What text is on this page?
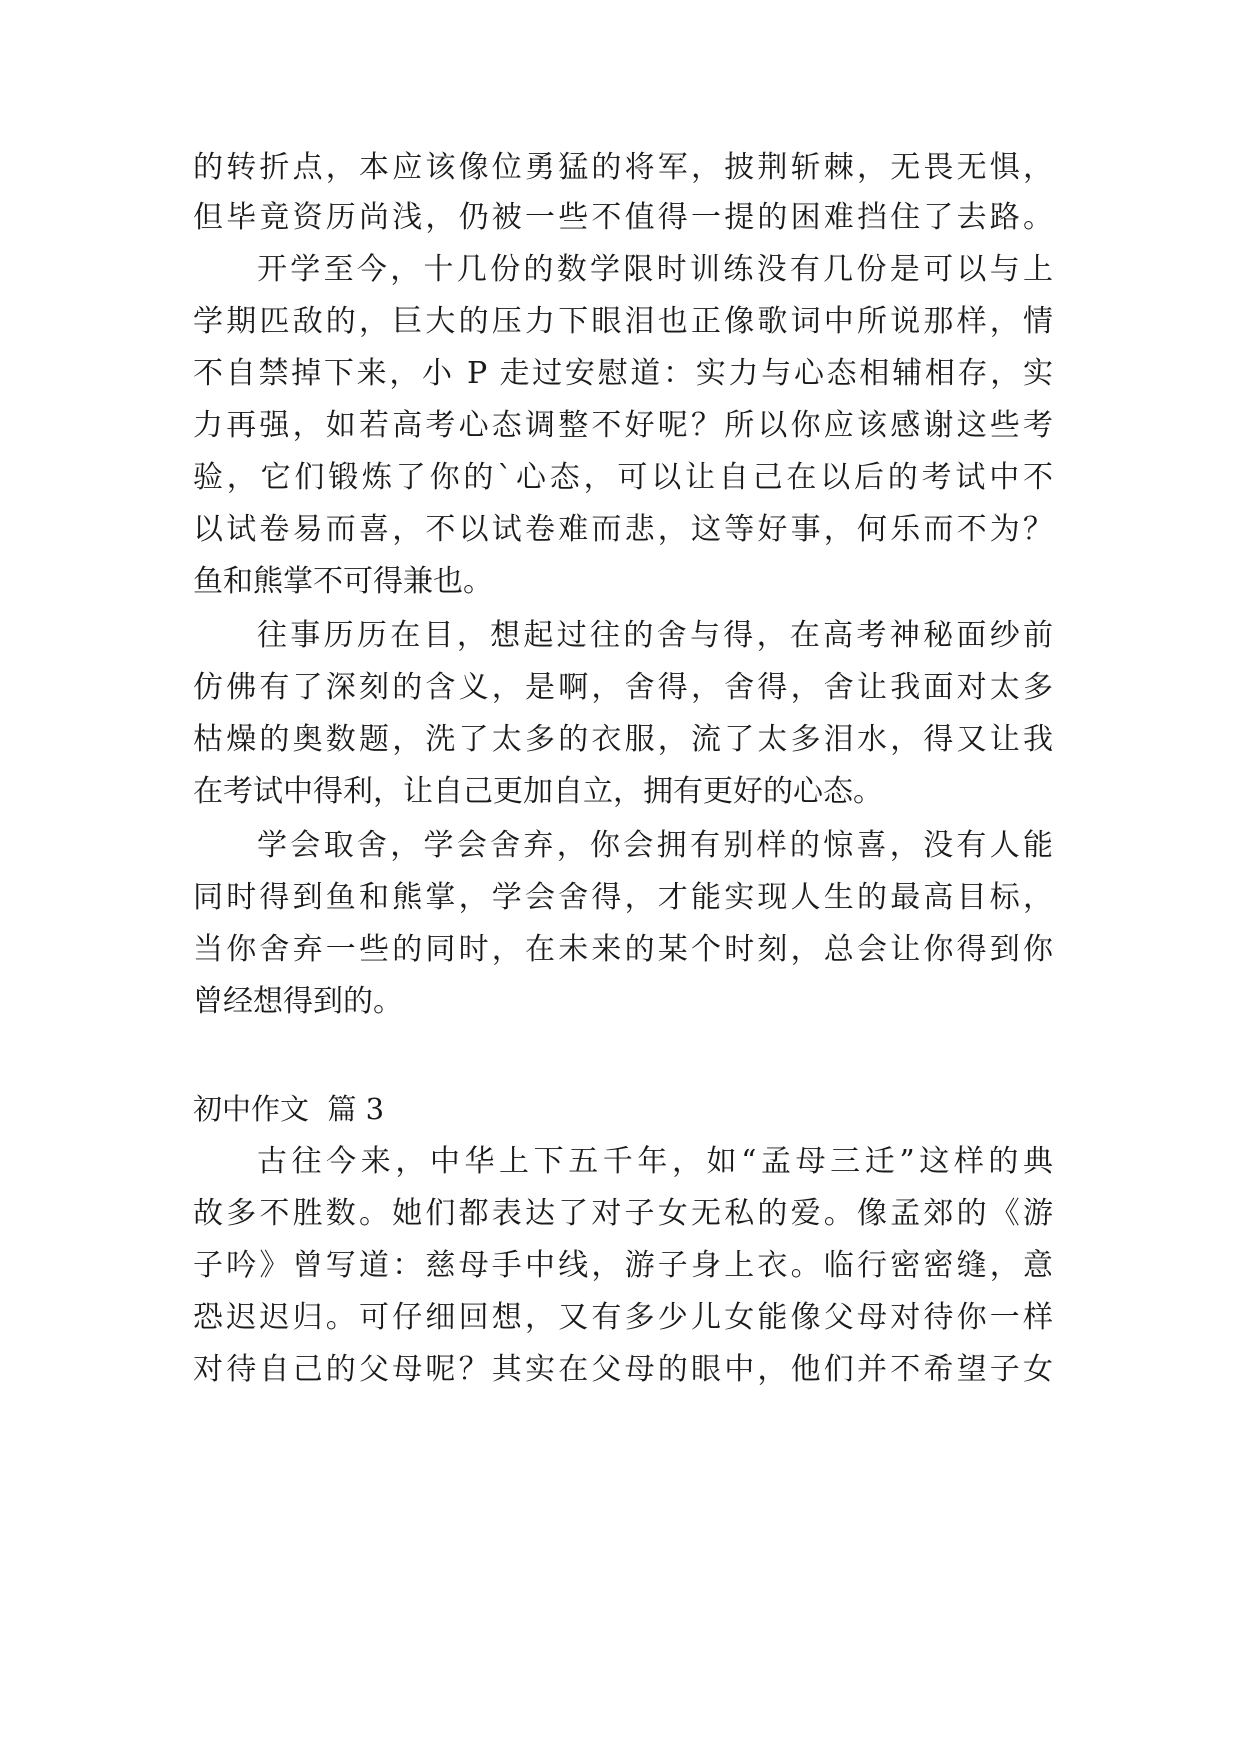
的转折点，本应该像位勇猛的将军，披荆斩棘，无畏无惧，
但毕竟资历尚浅，仍被一些不值得一提的困难挡住了去路。
开学至今，十几份的数学限时训练没有几份是可以与上
学期匹敌的，巨大的压力下眼泪也正像歌词中所说那样，情
不自禁掉下来，小 P 走过安慰道：实力与心态相辅相存，实
力再强，如若高考心态调整不好呢？所以你应该感谢这些考
验，它们锻炼了你的`心态，可以让自己在以后的考试中不
以试卷易而喜，不以试卷难而悲，这等好事，何乐而不为？
鱼和熊掌不可得兼也。
往事历历在目，想起过往的舍与得，在高考神秘面纱前
仿佛有了深刻的含义，是啊，舍得，舍得，舍让我面对太多
枯燥的奥数题，洗了太多的衣服，流了太多泪水，得又让我
在考试中得利，让自己更加自立，拥有更好的心态。
学会取舍，学会舍弃，你会拥有别样的惊喜，没有人能
同时得到鱼和熊掌，学会舍得，才能实现人生的最高目标，
当你舍弃一些的同时，在未来的某个时刻，总会让你得到你
曾经想得到的。
初中作文  篇 3
古往今来，中华上下五千年，如“孟母三迁”这样的典
故多不胜数。她们都表达了对子女无私的爱。像孟郊的《游
子吟》曾写道：慈母手中线，游子身上衣。临行密密缝，意
恐迟迟归。可仔细回想，又有多少儿女能像父母对待你一样
对待自己的父母呢？其实在父母的眼中，他们并不希望子女
